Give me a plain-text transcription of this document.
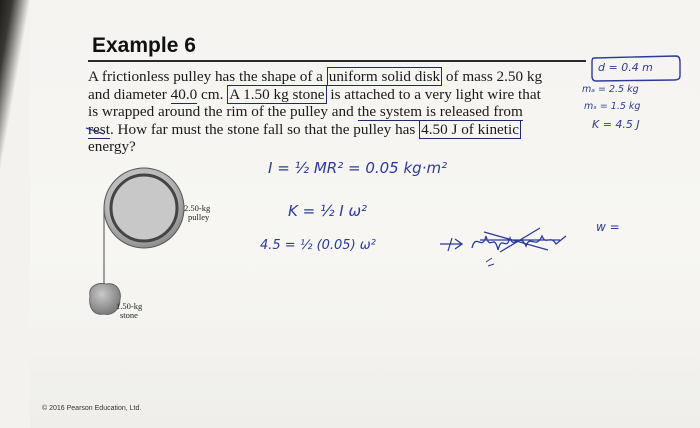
Example 6

A frictionless pulley has the shape of a uniform solid disk of mass 2.50 kg
and diameter 40.0 cm. A 1.50 kg stone is attached to a very light wire that
is wrapped around the rim of the pulley and the system is released from
rest. How far must the stone fall so that the pulley has 4.50 J of kinetic
energy?

d = 0.4 m
mₐ = 2.5 kg
mₛ = 1.5 kg
K = 4.5 J
I = ½ MR² = 0.05 kg·m²
K = ½ I ω²
4.5 = ½ (0.05) ω²
w =
2.50-kg
pulley
1.50-kg
stone
© 2016 Pearson Education, Ltd.
